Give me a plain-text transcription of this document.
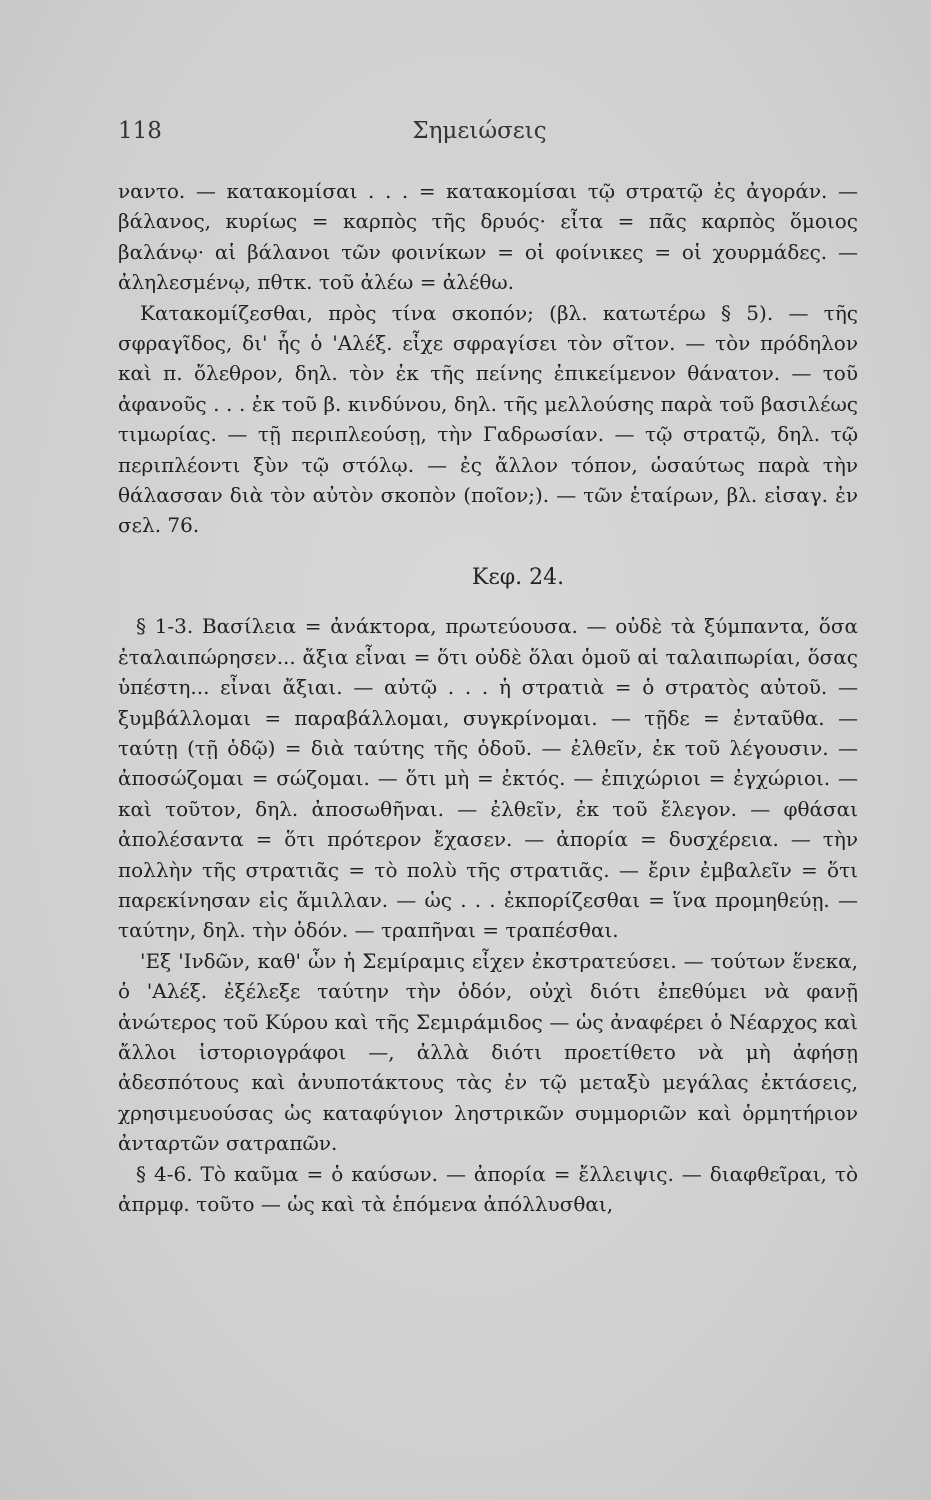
118	Σημειώσεις

ναντο. — κατακομίσαι . . . = κατακομίσαι τῷ στρατῷ ἐς ἀγοράν. — βάλανος, κυρίως = καρπὸς τῆς δρυός· εἶτα = πᾶς καρπὸς ὅμοιος βαλάνῳ· αἱ βάλανοι τῶν φοινίκων = οἱ φοίνικες = οἱ χουρμάδες. — ἀληλεσμένῳ, πθτκ. τοῦ ἀλέω = ἀλέθω.

Κατακομίζεσθαι, πρὸς τίνα σκοπόν; (βλ. κατωτέρω § 5). — τῆς σφραγῖδος, δι' ἧς ὁ 'Αλέξ. εἶχε σφραγίσει τὸν σῖτον. — τὸν πρόδηλον καὶ π. ὄλεθρον, δηλ. τὸν ἐκ τῆς πείνης ἐπικείμενον θάνατον. — τοῦ ἀφανοῦς . . . ἐκ τοῦ β. κινδύνου, δηλ. τῆς μελλούσης παρὰ τοῦ βασιλέως τιμωρίας. — τῇ περιπλεούσῃ, τὴν Γαδρωσίαν. — τῷ στρατῷ, δηλ. τῷ περιπλέοντι ξὺν τῷ στόλῳ. — ἐς ἄλλον τόπον, ὡσαύτως παρὰ τὴν θάλασσαν διὰ τὸν αὐτὸν σκοπὸν (ποῖον;). — τῶν ἑταίρων, βλ. εἰσαγ. ἐν σελ. 76.

Κεφ. 24.

§ 1-3. Βασίλεια = ἀνάκτορα, πρωτεύουσα. — οὐδὲ τὰ ξύμπαντα, ὅσα ἐταλαιπώρησεν... ἄξια εἶναι = ὅτι οὐδὲ ὅλαι ὁμοῦ αἱ ταλαιπωρίαι, ὅσας ὑπέστη... εἶναι ἄξιαι. — αὐτῷ . . . ἡ στρατιὰ = ὁ στρατὸς αὐτοῦ. — ξυμβάλλομαι = παραβάλλομαι, συγκρίνομαι. — τῇδε = ἐνταῦθα. — ταύτῃ (τῇ ὁδῷ) = διὰ ταύτης τῆς ὁδοῦ. — ἐλθεῖν, ἐκ τοῦ λέγουσιν. — ἀποσώζομαι = σώζομαι. — ὅτι μὴ = ἐκτός. — ἐπιχώριοι = ἐγχώριοι. — καὶ τοῦτον, δηλ. ἀποσωθῆναι. — ἐλθεῖν, ἐκ τοῦ ἔλεγον. — φθάσαι ἀπολέσαντα = ὅτι πρότερον ἔχασεν. — ἀπορία = δυσχέρεια. — τὴν πολλὴν τῆς στρατιᾶς = τὸ πολὺ τῆς στρατιᾶς. — ἔριν ἐμβαλεῖν = ὅτι παρεκίνησαν εἰς ἅμιλλαν. — ὡς . . . ἐκπορίζεσθαι = ἵνα προμηθεύῃ. — ταύτην, δηλ. τὴν ὁδόν. — τραπῆναι = τραπέσθαι.

'Εξ 'Ινδῶν, καθ' ὧν ἡ Σεμίραμις εἶχεν ἐκστρατεύσει. — τούτων ἕνεκα, ὁ 'Αλέξ. ἐξέλεξε ταύτην τὴν ὁδόν, οὐχὶ διότι ἐπεθύμει νὰ φανῇ ἀνώτερος τοῦ Κύρου καὶ τῆς Σεμιράμιδος — ὡς ἀναφέρει ὁ Νέαρχος καὶ ἄλλοι ἱστοριογράφοι —, ἀλλὰ διότι προετίθετο νὰ μὴ ἀφήσῃ ἀδεσπότους καὶ ἀνυποτάκτους τὰς ἐν τῷ μεταξὺ μεγάλας ἐκτάσεις, χρησιμευούσας ὡς καταφύγιον ληστρικῶν συμμοριῶν καὶ ὁρμητήριον ἀνταρτῶν σατραπῶν.

§ 4-6. Τὸ καῦμα = ὁ καύσων. — ἀπορία = ἔλλειψις. — διαφθεῖραι, τὸ ἀπρμφ. τοῦτο — ὡς καὶ τὰ ἑπόμενα ἀπόλλυσθαι,
